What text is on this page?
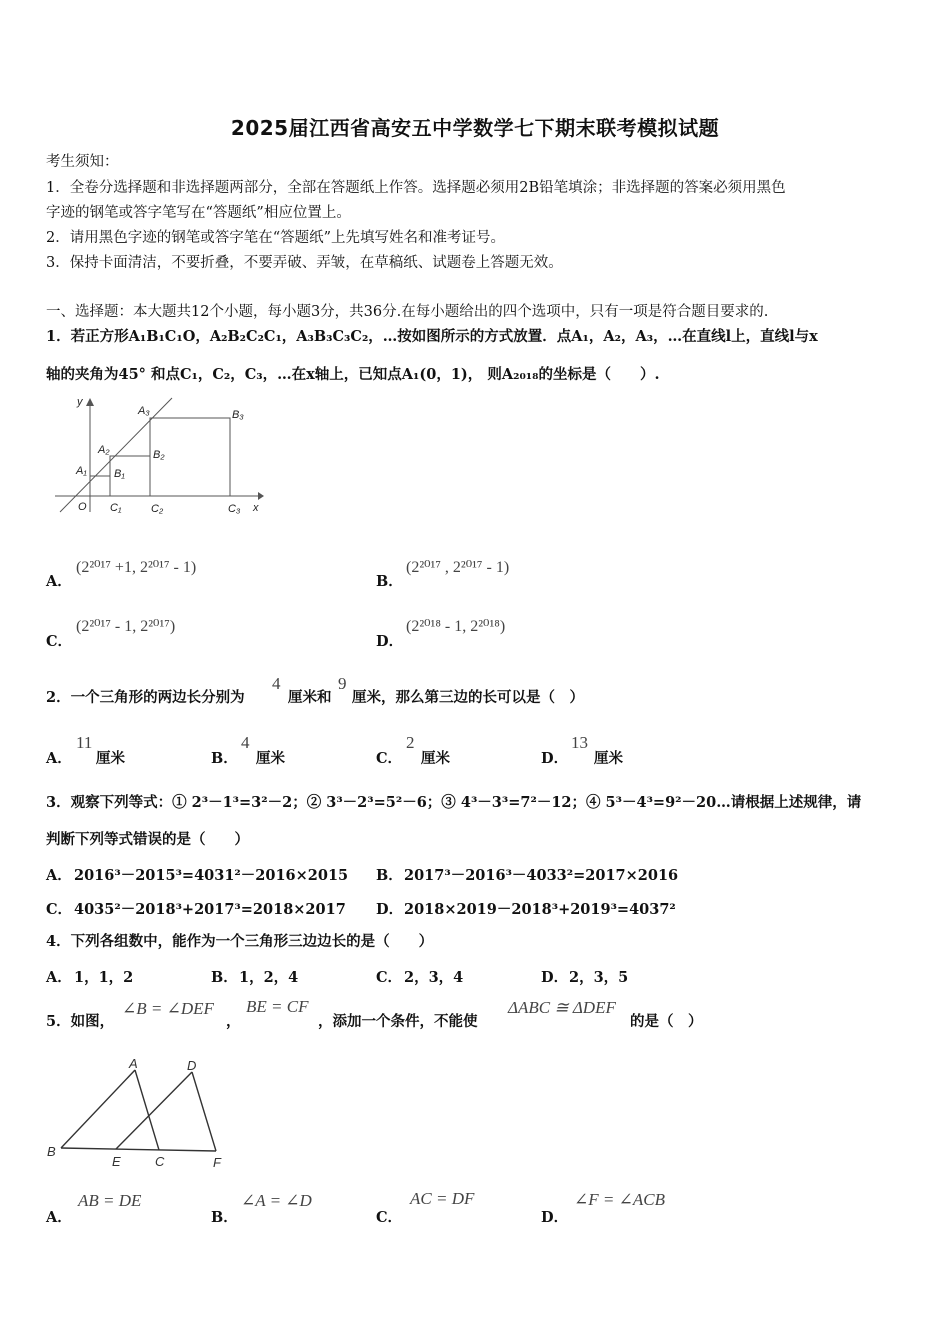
2025届江西省高安五中学数学七下期末联考模拟试题
考生须知：
1．全卷分选择题和非选择题两部分，全部在答题纸上作答。选择题必须用2B铅笔填涂；非选择题的答案必须用黑色
字迹的钢笔或答字笔写在“答题纸”相应位置上。
2．请用黑色字迹的钢笔或答字笔在“答题纸”上先填写姓名和准考证号。
3．保持卡面清洁，不要折叠，不要弄破、弄皱，在草稿纸、试题卷上答题无效。
一、选择题：本大题共12个小题，每小题3分，共36分.在每小题给出的四个选项中，只有一项是符合题目要求的.
1．若正方形A₁B₁C₁O，A₂B₂C₂C₁，A₃B₃C₃C₂，…按如图所示的方式放置．点A₁，A₂，A₃，…在直线l上，直线l与x
轴的夹角为45° 和点C₁，C₂，C₃，…在x轴上，已知点A₁(0，1)， 则A₂₀₁₈的坐标是（　　）.
y
x
O
A₁
A₂
A₃
B₁
B₂
B₃
C₁	C₂	C₃
A．
(2²⁰¹⁷ +1, 2²⁰¹⁷ - 1)
B．
(2²⁰¹⁷ , 2²⁰¹⁷ - 1)
C．
(2²⁰¹⁷ - 1, 2²⁰¹⁷)
D．
(2²⁰¹⁸ - 1, 2²⁰¹⁸)
2．一个三角形的两边长分别为
4
厘米和
9
厘米，那么第三边的长可以是（　）
A．
11
厘米	B．
4
厘米	C．
2
厘米	D．
13
厘米
3．观察下列等式：① 2³－1³=3²－2；② 3³－2³=5²－6；③ 4³－3³=7²－12；④ 5³－4³=9²－20…请根据上述规律，请
判断下列等式错误的是（　　）
A． 2016³－2015³=4031²－2016×2015 B． 2017³－2016³－4033²=2017×2016
C． 4035²－2018³+2017³=2018×2017 D． 2018×2019－2018³+2019³=4037²
4．下列各组数中，能作为一个三角形三边边长的是（　　）
A． 1，1，2	B． 1，2，4	C． 2，3，4	D． 2，3，5
5．如图，
∠B = ∠DEF
，
BE = CF
，添加一个条件，不能使
ΔABC ≅ ΔDEF
的是（　）
A
B
C
D
E	F
A．
AB = DE
B．
∠A = ∠D
C．
AC = DF
D．
∠F = ∠ACB
